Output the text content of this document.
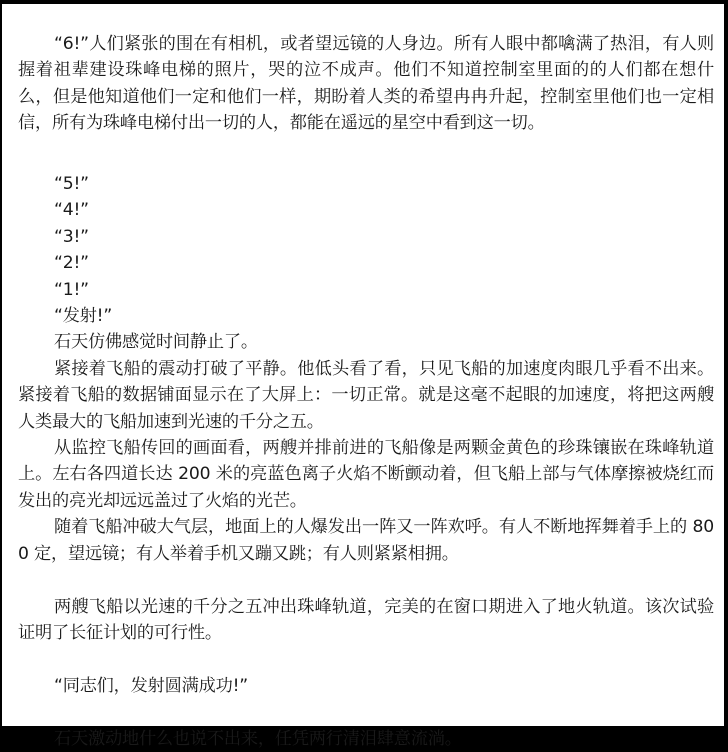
“6!”人们紧张的围在有相机，或者望远镜的人身边。所有人眼中都噙满了热泪，有人则握着祖辈建设珠峰电梯的照片，哭的泣不成声。他们不知道控制室里面的的人们都在想什么，但是他知道他们一定和他们一样，期盼着人类的希望冉冉升起，控制室里他们也一定相信，所有为珠峰电梯付出一切的人，都能在遥远的星空中看到这一切。

“5!”

“4!”

“3!”

“2!”

“1!”

“发射!”

石天仿佛感觉时间静止了。

紧接着飞船的震动打破了平静。他低头看了看，只见飞船的加速度肉眼几乎看不出来。紧接着飞船的数据铺面显示在了大屏上：一切正常。就是这毫不起眼的加速度，将把这两艘人类最大的飞船加速到光速的千分之五。

从监控飞船传回的画面看，两艘并排前进的飞船像是两颗金黄色的珍珠镶嵌在珠峰轨道上。左右各四道长达 200 米的亮蓝色离子火焰不断颤动着，但飞船上部与气体摩擦被烧红而发出的亮光却远远盖过了火焰的光芒。

随着飞船冲破大气层，地面上的人爆发出一阵又一阵欢呼。有人不断地挥舞着手上的 800 定，望远镜；有人举着手机又蹦又跳；有人则紧紧相拥。

两艘飞船以光速的千分之五冲出珠峰轨道，完美的在窗口期进入了地火轨道。该次试验证明了长征计划的可行性。

“同志们，发射圆满成功!”

石天激动地什么也说不出来，任凭两行清泪肆意流淌。
